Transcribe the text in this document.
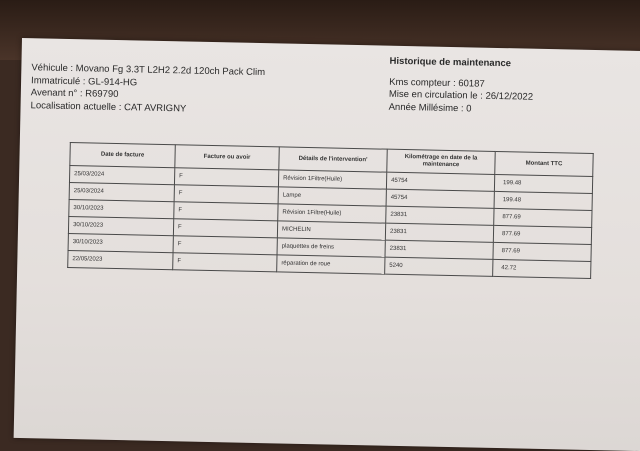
Véhicule : Movano Fg 3.3T L2H2 2.2d 120ch Pack Clim
Immatriculé : GL-914-HG
Avenant n° : R69790
Localisation actuelle : CAT AVRIGNY
Historique de maintenance
Kms compteur : 60187
Mise en circulation le : 26/12/2022
Année Millésime : 0
Date de facture	Facture ou avoir	Détails de l'intervention'	Kilométrage en date de la maintenance	Montant TTC
25/03/2024	F	Révision 1Filtre(Huile)	45754	199.48
25/03/2024	F	Lampe	45754	199.48
30/10/2023	F	Révision 1Filtre(Huile)	23831	877.69
30/10/2023	F	MICHELIN	23831	877.69
30/10/2023	F	plaquettes de freins	23831	877.69
22/05/2023	F	réparation de roue	5240	42.72
